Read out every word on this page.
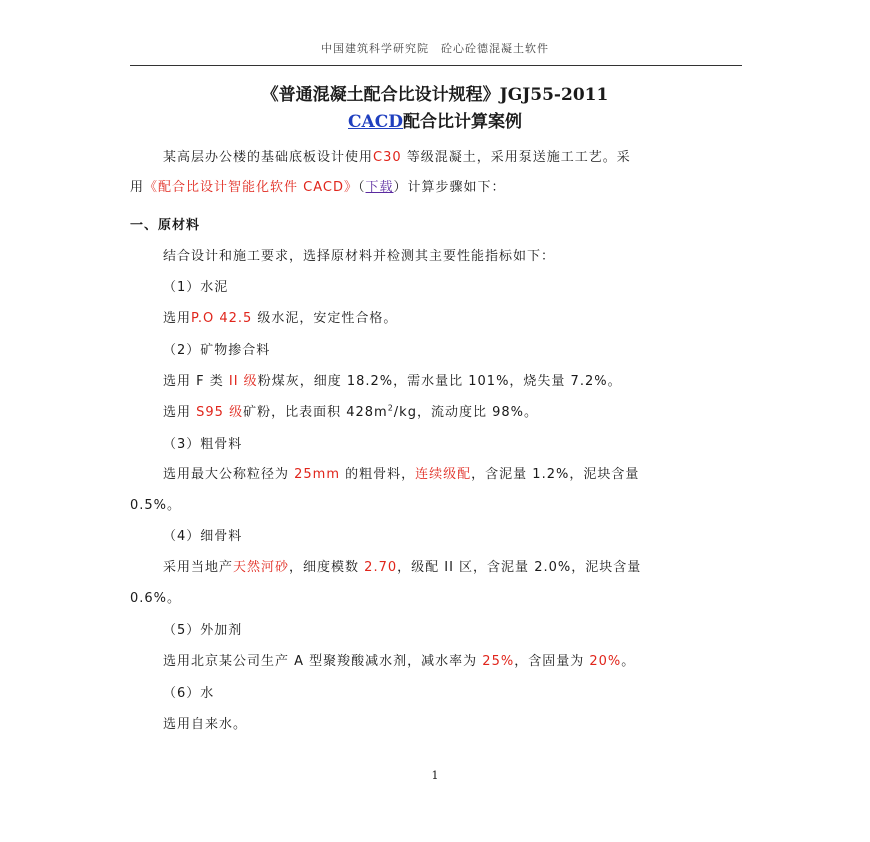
中国建筑科学研究院　砼心砼德混凝土软件
《普通混凝土配合比设计规程》JGJ55-2011
CACD配合比计算案例
某高层办公楼的基础底板设计使用C30 等级混凝土，采用泵送施工工艺。采
用《配合比设计智能化软件 CACD》（下载）计算步骤如下：
一、原材料
结合设计和施工要求，选择原材料并检测其主要性能指标如下：
（1）水泥
选用P.O 42.5 级水泥，安定性合格。
（2）矿物掺合料
选用 F 类 II 级粉煤灰，细度 18.2%，需水量比 101%，烧失量 7.2%。
选用 S95 级矿粉，比表面积 $428m^2/kg$，流动度比 98%。
（3）粗骨料
选用最大公称粒径为 25mm 的粗骨料，连续级配，含泥量 1.2%，泥块含量
0.5%。
（4）细骨料
采用当地产天然河砂，细度模数 2.70，级配 II 区，含泥量 2.0%，泥块含量
0.6%。
（5）外加剂
选用北京某公司生产 A 型聚羧酸减水剂，减水率为 25%，含固量为 20%。
（6）水
选用自来水。
1
